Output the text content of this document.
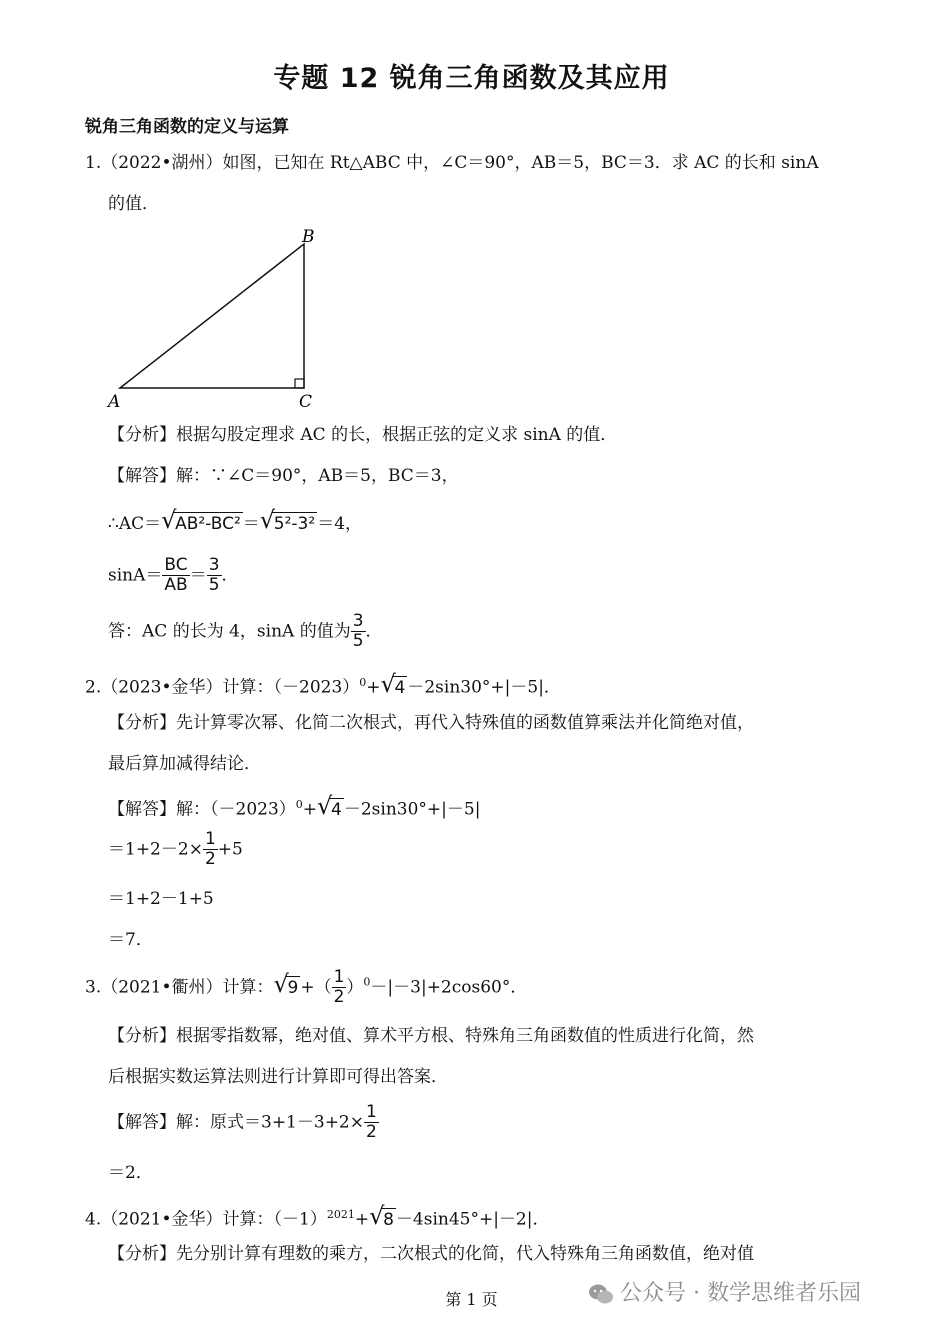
专题 12 锐角三角函数及其应用
锐角三角函数的定义与运算
1.（2022•湖州）如图，已知在 Rt△ABC 中，∠C＝90°，AB＝5，BC＝3．求 AC 的长和 sinA
的值．
A
B
C
【分析】根据勾股定理求 AC 的长，根据正弦的定义求 sinA 的值．
【解答】解：∵∠C＝90°，AB＝5，BC＝3，
∴AC＝ √
AB²-BC² ＝ √
5²-3² ＝4，
$\sin A= \frac{BC}{AB} = \frac{3}{5}$ ．
答：AC 的长为 4，sinA 的值为 $\frac{3}{5}$ ．
2.（2023•金华）计算：$(-2023)^0+$ √
4 －2sin30°+|－5|．
【分析】先计算零次幂、化简二次根式，再代入特殊值的函数值算乘法并化简绝对值，
最后算加减得结论．
【解答】解：$(-2023)^0+$ √
4 －2sin30°+|－5|
$=1+2-2\times \frac{1}{2} +5$
＝1+2－1+5
＝7．
3.（2021•衢州）计算： √
9 +（ $\frac{1}{2} )^0-|-3|+2\cos 60^\circ$．
【分析】根据零指数幂，绝对值、算术平方根、特殊角三角函数值的性质进行化简，然
后根据实数运算法则进行计算即可得出答案．
【解答】解：原式$=3+1-3+2\times \frac{1}{2}$
＝2．
4.（2021•金华）计算：$(-1)^{2021}+$ √
8 －4sin45°+|－2|．
【分析】先分别计算有理数的乘方，二次根式的化简，代入特殊角三角函数值，绝对值
第 1 页	公众号 · 数学思维者乐园
